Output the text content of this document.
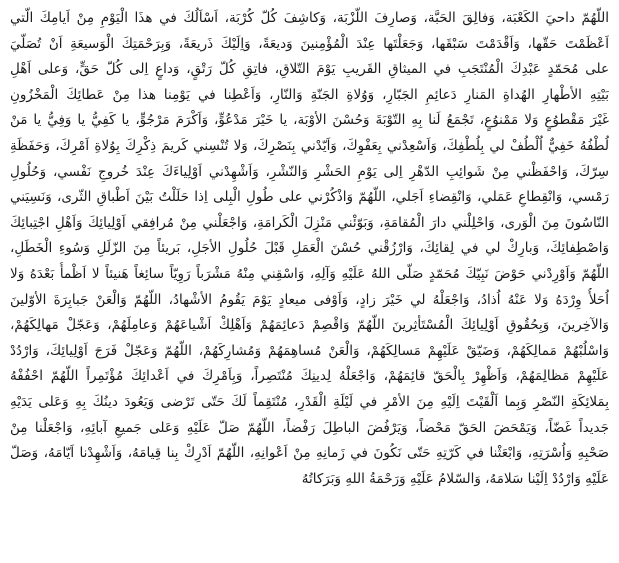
اللّهُمّ داحيَ الكَعْبَة، وَفالِقَ الحَبَّة، وَصارِفَ اللّزْبَة، وَكاشِفَ كُلّ كُرْبَة، اَسْاَلُكَ في هذَا الْيَوْمِ مِنْ اَيامِكَ الّتي
اَعْظَمْتَ حَقّها، وَاَقْدَمْتَ سَبْقَها، وَجَعَلْتَها عِنْدَ الْمُؤْمِنينَ وَديعَةً، وَاِلَيْكَ ذَريعَةً، وَبِرَحْمَتِكَ الْوَسيعَةِ اَنْ تُصَلّيَ
على مُحَمّدٍ عَبْدِكَ الْمُنْتَجَبِ في الميثاقِ القَريبِ يَوْمَ التّلاقِ، فاتِقِ كُلّ رَتْقٍ، وَداعٍ اِلى كُلّ حَقٍّ، وَعلى اَهْلِ
بَيْتِهِ الأطْهارِ الهُداةِ المَنارِ دَعائِمِ الجَبّارِ، وَوُلاةِ الجَنّةِ وَالنّارِ، وَاَعْطِنا في يَوْمِنا هذا مِنْ عَطائِكَ الْمَخْزُونِ
غَيْرَ مَقْطوُعٍ وَلا مَمْنوُعٍ، تَجْمَعُ لَنا بِهِ التّوْبَةَ وَحُسْنَ الأوْبَة، يا خَيْرَ مَدْعُوٍّ، وَاَكْرَمَ مَرْجُوٍّ، يا كَفِيُّ يا وَفِيُّ يا مَنْ
لُطْفُهُ خَفِيٌّ اُلْطُفْ لي بِلُطْفِكَ، وَاَسْعِدْني بِعَفْوِكَ، وَاَيّدْني بِنَصْرِكَ، وَلا تُنْسِني كَريمَ ذِكْرِكَ بِوُلاةِ اَمْرِكَ، وَحَفَظَةِ
سِرّكَ، وَاحْفَظْني مِنْ شَوائِبِ الدّهْرِ اِلى يَوْمِ الحَشْرِ وَالنّشْرِ، وَاَشْهِدْني اَوْلِياءَكَ عِنْدَ خُروجِ نَفْسي، وَحُلُولِ
رَمْسي، وَانْقِطاعِ عَمَلي، وَانْقِضاءِ اَجَلي، اللّهُمّ وَاذْكُرْني على طُولِ الْبِلى اِذا حَلَلْتُ بَيْنَ اَطْباقِ الثّرى، وَنَسِيَني
النّاسُونَ مِنَ الْوَرى، وَاحْلِلْني دارَ الْمُقامَةِ، وَبَوّئْني مَنْزِلَ الْكَرامَةِ، وَاجْعَلْني مِنْ مُرافِقي اَوْلِيائِكَ وَاَهْلِ اجْتِبائِكَ
وَاصْطِفائِكَ، وَبارِكْ لي في لِقائِكَ، وَارْزُقْني حُسْنَ الْعَمَلِ قَبْلَ حُلُولِ الأجَلِ، بَريئاً مِنَ الزّلَلِ وَسُوءِ الْخَطَلِ،
اللّهُمّ وَاَوْرِدْني حَوْضَ نَبِيّكَ مُحَمّدٍ صَلّى اللهُ عَلَيْهِ وَآلِهِ، وَاسْقِني مِنْهُ مَشْرَباً رَوِيّاً سائِغاً هَنيئاً لا اَظْمأُ بَعْدَهُ وَلا
اُحَلأُ وِرْدَهُ وَلا عَنْهُ اُذادُ، وَاجْعَلْهُ لي خَيْرَ زادٍ، وَاَوْفى ميعادٍ يَوْمَ يَقُومُ الأشْهادُ، اللّهُمّ وَالْعَنْ جَبابِرَةَ الأوّلينَ
وَالآخِرينَ، وَبِحُقُوقِ اَوْلِيائِكَ الْمُسْتَأثِرينَ اللّهُمّ وَاقْصِمْ دَعائِمَهُمْ وَاَهْلِكْ اَشْياعَهُمْ وَعامِلَهُمْ، وَعَجّلْ مَهالِكَهُمْ،
وَاسْلُبْهُمْ مَمالِكَهُمْ، وَضَيّقْ عَلَيْهِمْ مَسالِكَهُمْ، وَالْعَنْ مُساهِمَهُمْ وَمُشارِكَهُمْ، اللّهُمّ وَعَجّلْ فَرَجَ اَوْلِيائِكَ، وَارْدُدْ
عَلَيْهِمْ مَظالِمَهُمْ، وَاَظْهِرْ بِالْحَقّ قائِمَهُمْ، وَاجْعَلْهُ لِدينِكَ مُنْتَصِراً، وَبِاَمْرِكَ في اَعْدائِكَ مُؤْتَمِراً اللّهُمّ احْفُفْهُ
بِمَلائِكَةِ النّصْرِ وَبِما اَلْقَيْتَ اِلَيْهِ مِنَ الأمْرِ في لَيْلَةِ الْقَدْرِ، مُنْتَقِماً لَكَ حَتّى تَرْضى وَيَعُودَ دينُكَ بِهِ وَعَلى يَدَيْهِ
جَديداً غَضّاً، وَيَمْحَضَ الحَقّ مَحْضاً، وَيَرْفُضَ الباطِلَ رَفْضاً، اللّهُمّ صَلّ عَلَيْهِ وَعَلى جَميعِ آبائِهِ، وَاجْعَلْنا مِنْ
صَحْبِهِ وَاُسْرَتِهِ، وَابْعَثْنا في كَرّتِهِ حَتّى نَكُونَ في زَمانِهِ مِنْ اَعْوانِهِ، اللّهُمّ اَدْرِكْ بِنا قِيامَهُ، وَاَشْهِدْنا اَيّامَهُ، وَصَلّ
عَلَيْهِ وَارْدُدْ اِلَيْنا سَلامَهُ، وَالسّلامُ عَلَيْهِ وَرَحْمَةُ اللهِ وَبَرَكاتُهُ
